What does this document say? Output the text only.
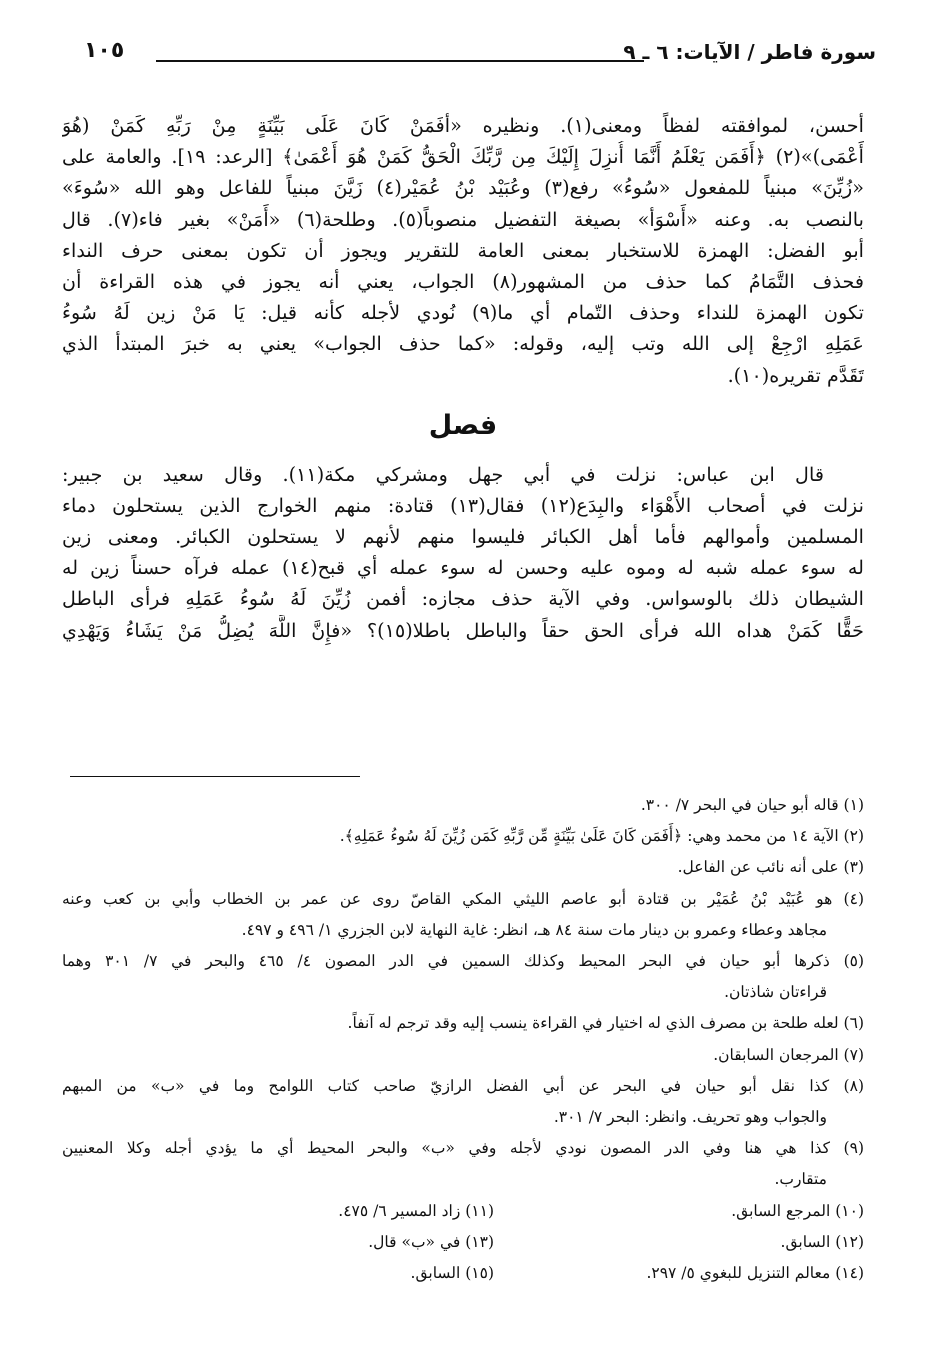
سورة فاطر / الآيات: ٦ ـ ٩
١٠٥
أحسن، لموافقته لفظاً ومعنى(١). ونظيره «أفَمَنْ كَانَ عَلَى بَيِّنَةٍ مِنْ رَبِّهِ كَمَنْ (هُوَ
أَعْمَى)»(٢) ﴿أَفَمَن يَعْلَمُ أَنَّمَا أُنزِلَ إِلَيْكَ مِن رَّبِّكَ الْحَقُّ كَمَنْ هُوَ أَعْمَىٰ﴾ [الرعد: ١٩]. والعامة على
«زُيِّنَ» مبنياً للمفعول «سُوءُ» رفع(٣) وعُبَيْد بْنُ عُمَيْر(٤) زَيَّنَ مبنياً للفاعل وهو الله «سُوءَ»
بالنصب به. وعنه «أَسْوَأ» بصيغة التفضيل منصوباً(٥). وطلحة(٦) «أَمَنْ» بغير فاء(٧). قال
أبو الفضل: الهمزة للاستخبار بمعنى العامة للتقرير ويجوز أن تكون بمعنى حرف النداء
فحذف التَّمَامُ كما حذف من المشهور(٨) الجواب، يعني أنه يجوز في هذه القراءة أن
تكون الهمزة للنداء وحذف التّمام أي ما(٩) نُودي لأجله كأنه قيل: يَا مَنْ زين لَهُ سُوءُ
عَمَلِهِ ارْجِعْ إلى الله وتب إليه، وقوله: «كما حذف الجواب» يعني به خبرَ المبتدأ الذي
تَقَدَّم تقريره(١٠).
فصل
قال ابن عباس: نزلت في أبي جهل ومشركي مكة(١١). وقال سعيد بن جبير:
نزلت في أصحاب الأَهْوَاء والبِدَع(١٢) فقال(١٣) قتادة: منهم الخوارج الذين يستحلون دماء
المسلمين وأموالهم فأما أهل الكبائر فليسوا منهم لأنهم لا يستحلون الكبائر. ومعنى زين
له سوء عمله شبه له وموه عليه وحسن له سوء عمله أي قبح(١٤) عمله فرآه حسناً زين له
الشيطان ذلك بالوسواس. وفي الآية حذف مجازه: أفمن زُيِّنَ لَهُ سُوءُ عَمَلِهِ فرأى الباطل
حَقًّا كَمَنْ هداه الله فرأى الحق حقاً والباطل باطلا(١٥)؟ «فإِنَّ اللَّهَ يُضِلُّ مَنْ يَشَاءُ وَيَهْدِي
(١) قاله أبو حيان في البحر ٧/ ٣٠٠.
(٢) الآية ١٤ من محمد وهي: ﴿أَفَمَن كَانَ عَلَىٰ بَيِّنَةٍ مِّن رَّبِّهِ كَمَن زُيِّنَ لَهُ سُوءُ عَمَلِهِ﴾.
(٣) على أنه نائب عن الفاعل.
(٤) هو عُبَيْد بْنُ عُمَيْر بن قتادة أبو عاصم الليثي المكي القاصّ روى عن عمر بن الخطاب وأبي بن كعب وعنه
مجاهد وعطاء وعمرو بن دينار مات سنة ٨٤ هـ، انظر: غاية النهاية لابن الجزري ١/ ٤٩٦ و ٤٩٧.
(٥) ذكرها أبو حيان في البحر المحيط وكذلك السمين في الدر المصون ٤/ ٤٦٥ والبحر في ٧/ ٣٠١ وهما
قراءتان شاذتان.
(٦) لعله طلحة بن مصرف الذي له اختيار في القراءة ينسب إليه وقد ترجم له آنفاً.
(٧) المرجعان السابقان.
(٨) كذا نقل أبو حيان في البحر عن أبي الفضل الرازيّ صاحب كتاب اللوامح وما في «ب» من المبهم
والجواب وهو تحريف. وانظر: البحر ٧/ ٣٠١.
(٩) كذا هي هنا وفي الدر المصون نودي لأجله وفي «ب» والبحر المحيط أي ما يؤدي أجله وكلا المعنيين
متقارب.
(١٠) المرجع السابق.
(١١) زاد المسير ٦/ ٤٧٥.
(١٢) السابق.
(١٣) في «ب» قال.
(١٤) معالم التنزيل للبغوي ٥/ ٢٩٧.
(١٥) السابق.
